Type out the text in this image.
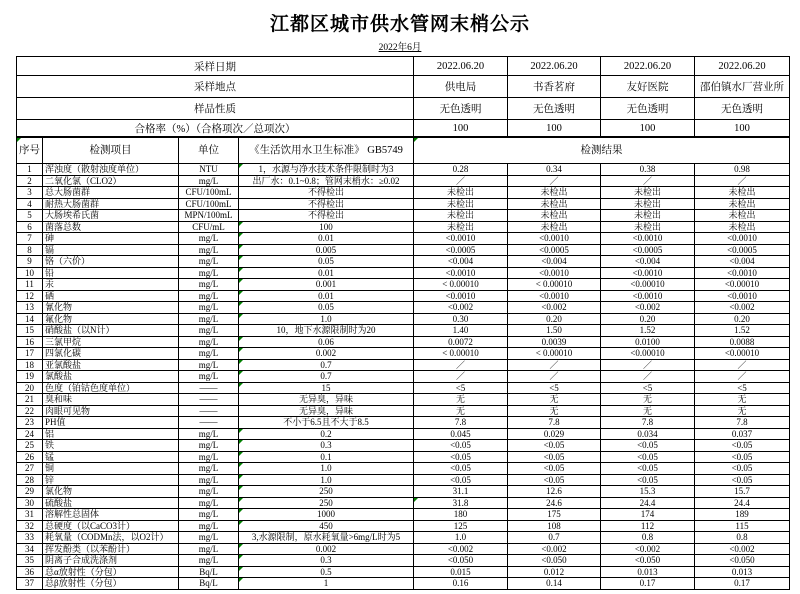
江都区城市供水管网末梢公示
2022年6月
采样日期	2022.06.20	2022.06.20	2022.06.20	2022.06.20
采样地点	供电局	书香茗府	友好医院	邵伯镇水厂营业所
样品性质	无色透明	无色透明	无色透明	无色透明
合格率（%）（合格项次／总项次）	100	100	100	100
序号	检测项目	单位	《生活饮用水卫生标准》 GB5749	检测结果			
1	浑浊度（散射浊度单位）	NTU	1，水源与净水技术条件限制时为3	0.28	0.34	0.38	0.98
2	二氧化氯（CLO2）	mg/L	出厂水：0.1~0.8；管网末梢水：≥0.02	／	／	／	／
3	总大肠菌群	CFU/100mL	不得检出	未检出	未检出	未检出	未检出
4	耐热大肠菌群	CFU/100mL	不得检出	未检出	未检出	未检出	未检出
5	大肠埃希氏菌	MPN/100mL	不得检出	未检出	未检出	未检出	未检出
6	菌落总数	CFU/mL	100	未检出	未检出	未检出	未检出
7	砷	mg/L	0.01	<0.0010	<0.0010	<0.0010	<0.0010
8	镉	mg/L	0.005	<0.0005	<0.0005	<0.0005	<0.0005
9	铬（六价）	mg/L	0.05	<0.004	<0.004	<0.004	<0.004
10	铅	mg/L	0.01	<0.0010	<0.0010	<0.0010	<0.0010
11	汞	mg/L	0.001	< 0.00010	< 0.00010	<0.00010	<0.00010
12	硒	mg/L	0.01	<0.0010	<0.0010	<0.0010	<0.0010
13	氰化物	mg/L	0.05	<0.002	<0.002	<0.002	<0.002
14	氟化物	mg/L	1.0	0.30	0.20	0.20	0.20
15	硝酸盐（以N计）	mg/L	10，地下水源限制时为20	1.40	1.50	1.52	1.52
16	三氯甲烷	mg/L	0.06	0.0072	0.0039	0.0100	0.0088
17	四氯化碳	mg/L	0.002	< 0.00010	< 0.00010	<0.00010	<0.00010
18	亚氯酸盐	mg/L	0.7	／	／	／	／
19	氯酸盐	mg/L	0.7	／	／	／	／
20	色度（铂钴色度单位）	——	15	<5	<5	<5	<5
21	臭和味	——	无异臭，异味	无	无	无	无
22	肉眼可见物	——	无异臭，异味	无	无	无	无
23	PH值	——	不小于6.5且不大于8.5	7.8	7.8	7.8	7.8
24	铝	mg/L	0.2	0.045	0.029	0.034	0.037
25	铁	mg/L	0.3	<0.05	<0.05	<0.05	<0.05
26	锰	mg/L	0.1	<0.05	<0.05	<0.05	<0.05
27	铜	mg/L	1.0	<0.05	<0.05	<0.05	<0.05
28	锌	mg/L	1.0	<0.05	<0.05	<0.05	<0.05
29	氯化物	mg/L	250	31.1	12.6	15.3	15.7
30	硫酸盐	mg/L	250	31.8	24.6	24.4	24.4
31	溶解性总固体	mg/L	1000	180	175	174	189
32	总硬度（以CaCO3计）	mg/L	450	125	108	112	115
33	耗氧量（CODMn法，以O2计）	mg/L	3,水源限制，原水耗氧量>6mg/L时为5	1.0	0.7	0.8	0.8
34	挥发酚类（以苯酚计）	mg/L	0.002	<0.002	<0.002	<0.002	<0.002
35	阴离子合成洗涤剂	mg/L	0.3	<0.050	<0.050	<0.050	<0.050
36	总α放射性（分包）	Bq/L	0.5	0.015	0.012	0.013	0.013
37	总β放射性（分包）	Bq/L	1	0.16	0.14	0.17	0.17
